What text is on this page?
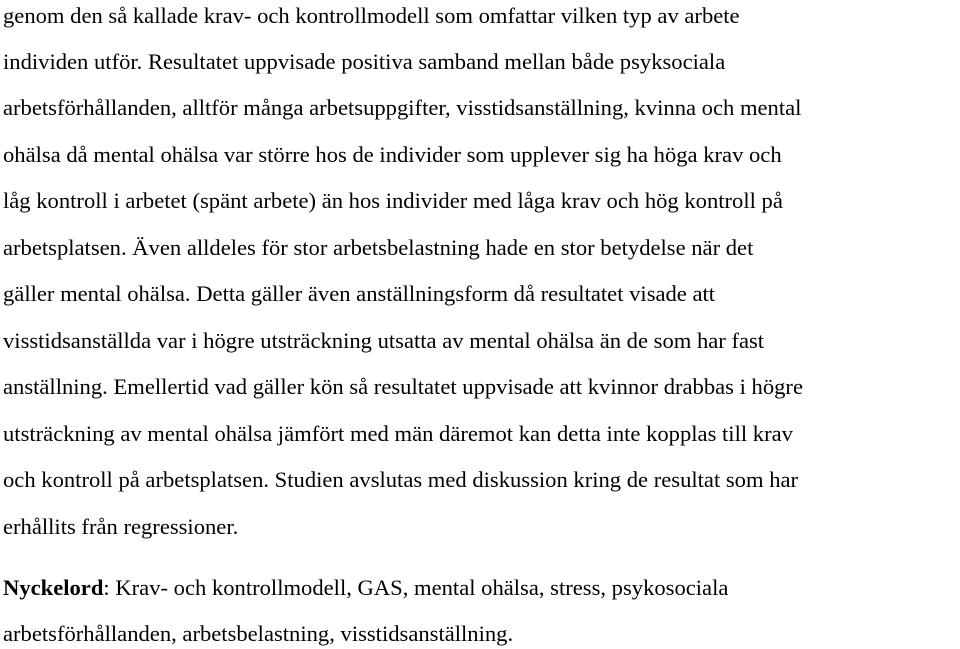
genom den så kallade krav- och kontrollmodell som omfattar vilken typ av arbete
individen utför. Resultatet uppvisade positiva samband mellan både psyksociala
arbetsförhållanden, alltför många arbetsuppgifter, visstidsanställning, kvinna och mental
ohälsa då mental ohälsa var större hos de individer som upplever sig ha höga krav och
låg kontroll i arbetet (spänt arbete) än hos individer med låga krav och hög kontroll på
arbetsplatsen. Även alldeles för stor arbetsbelastning hade en stor betydelse när det
gäller mental ohälsa. Detta gäller även anställningsform då resultatet visade att
visstidsanställda var i högre utsträckning utsatta av mental ohälsa än de som har fast
anställning. Emellertid vad gäller kön så resultatet uppvisade att kvinnor drabbas i högre
utsträckning av mental ohälsa jämfört med män däremot kan detta inte kopplas till krav
och kontroll på arbetsplatsen. Studien avslutas med diskussion kring de resultat som har
erhållits från regressioner.
Nyckelord: Krav- och kontrollmodell, GAS, mental ohälsa, stress, psykosociala
arbetsförhållanden, arbetsbelastning, visstidsanställning.
